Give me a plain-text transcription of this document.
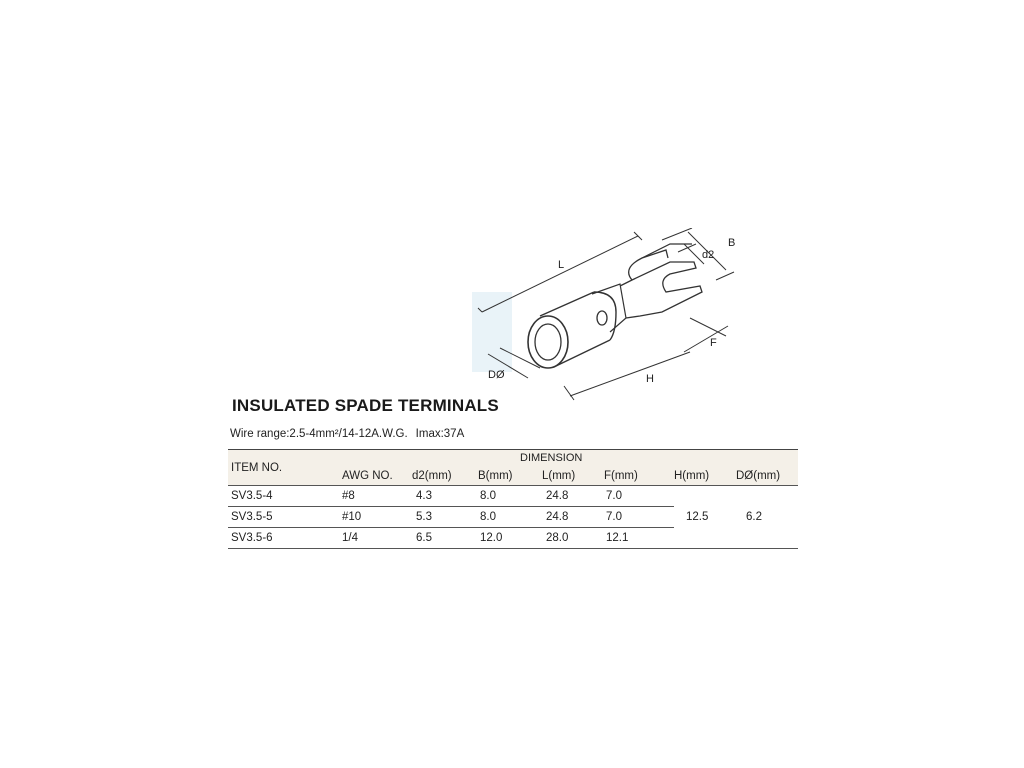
L
B
d2
F
H
DØ
INSULATED SPADE TERMINALS
Wire range:2.5-4mm²/14-12A.W.G. Imax:37A
ITEM NO.	DIMENSION						
	AWG NO.	d2(mm)	B(mm)	L(mm)	F(mm)	H(mm)	DØ(mm)
SV3.5-4	#8	4.3	8.0	24.8	7.0	12.5	6.2
SV3.5-5	#10	5.3	8.0	24.8	7.0		
SV3.5-6	1/4	6.5	12.0	28.0	12.1		
